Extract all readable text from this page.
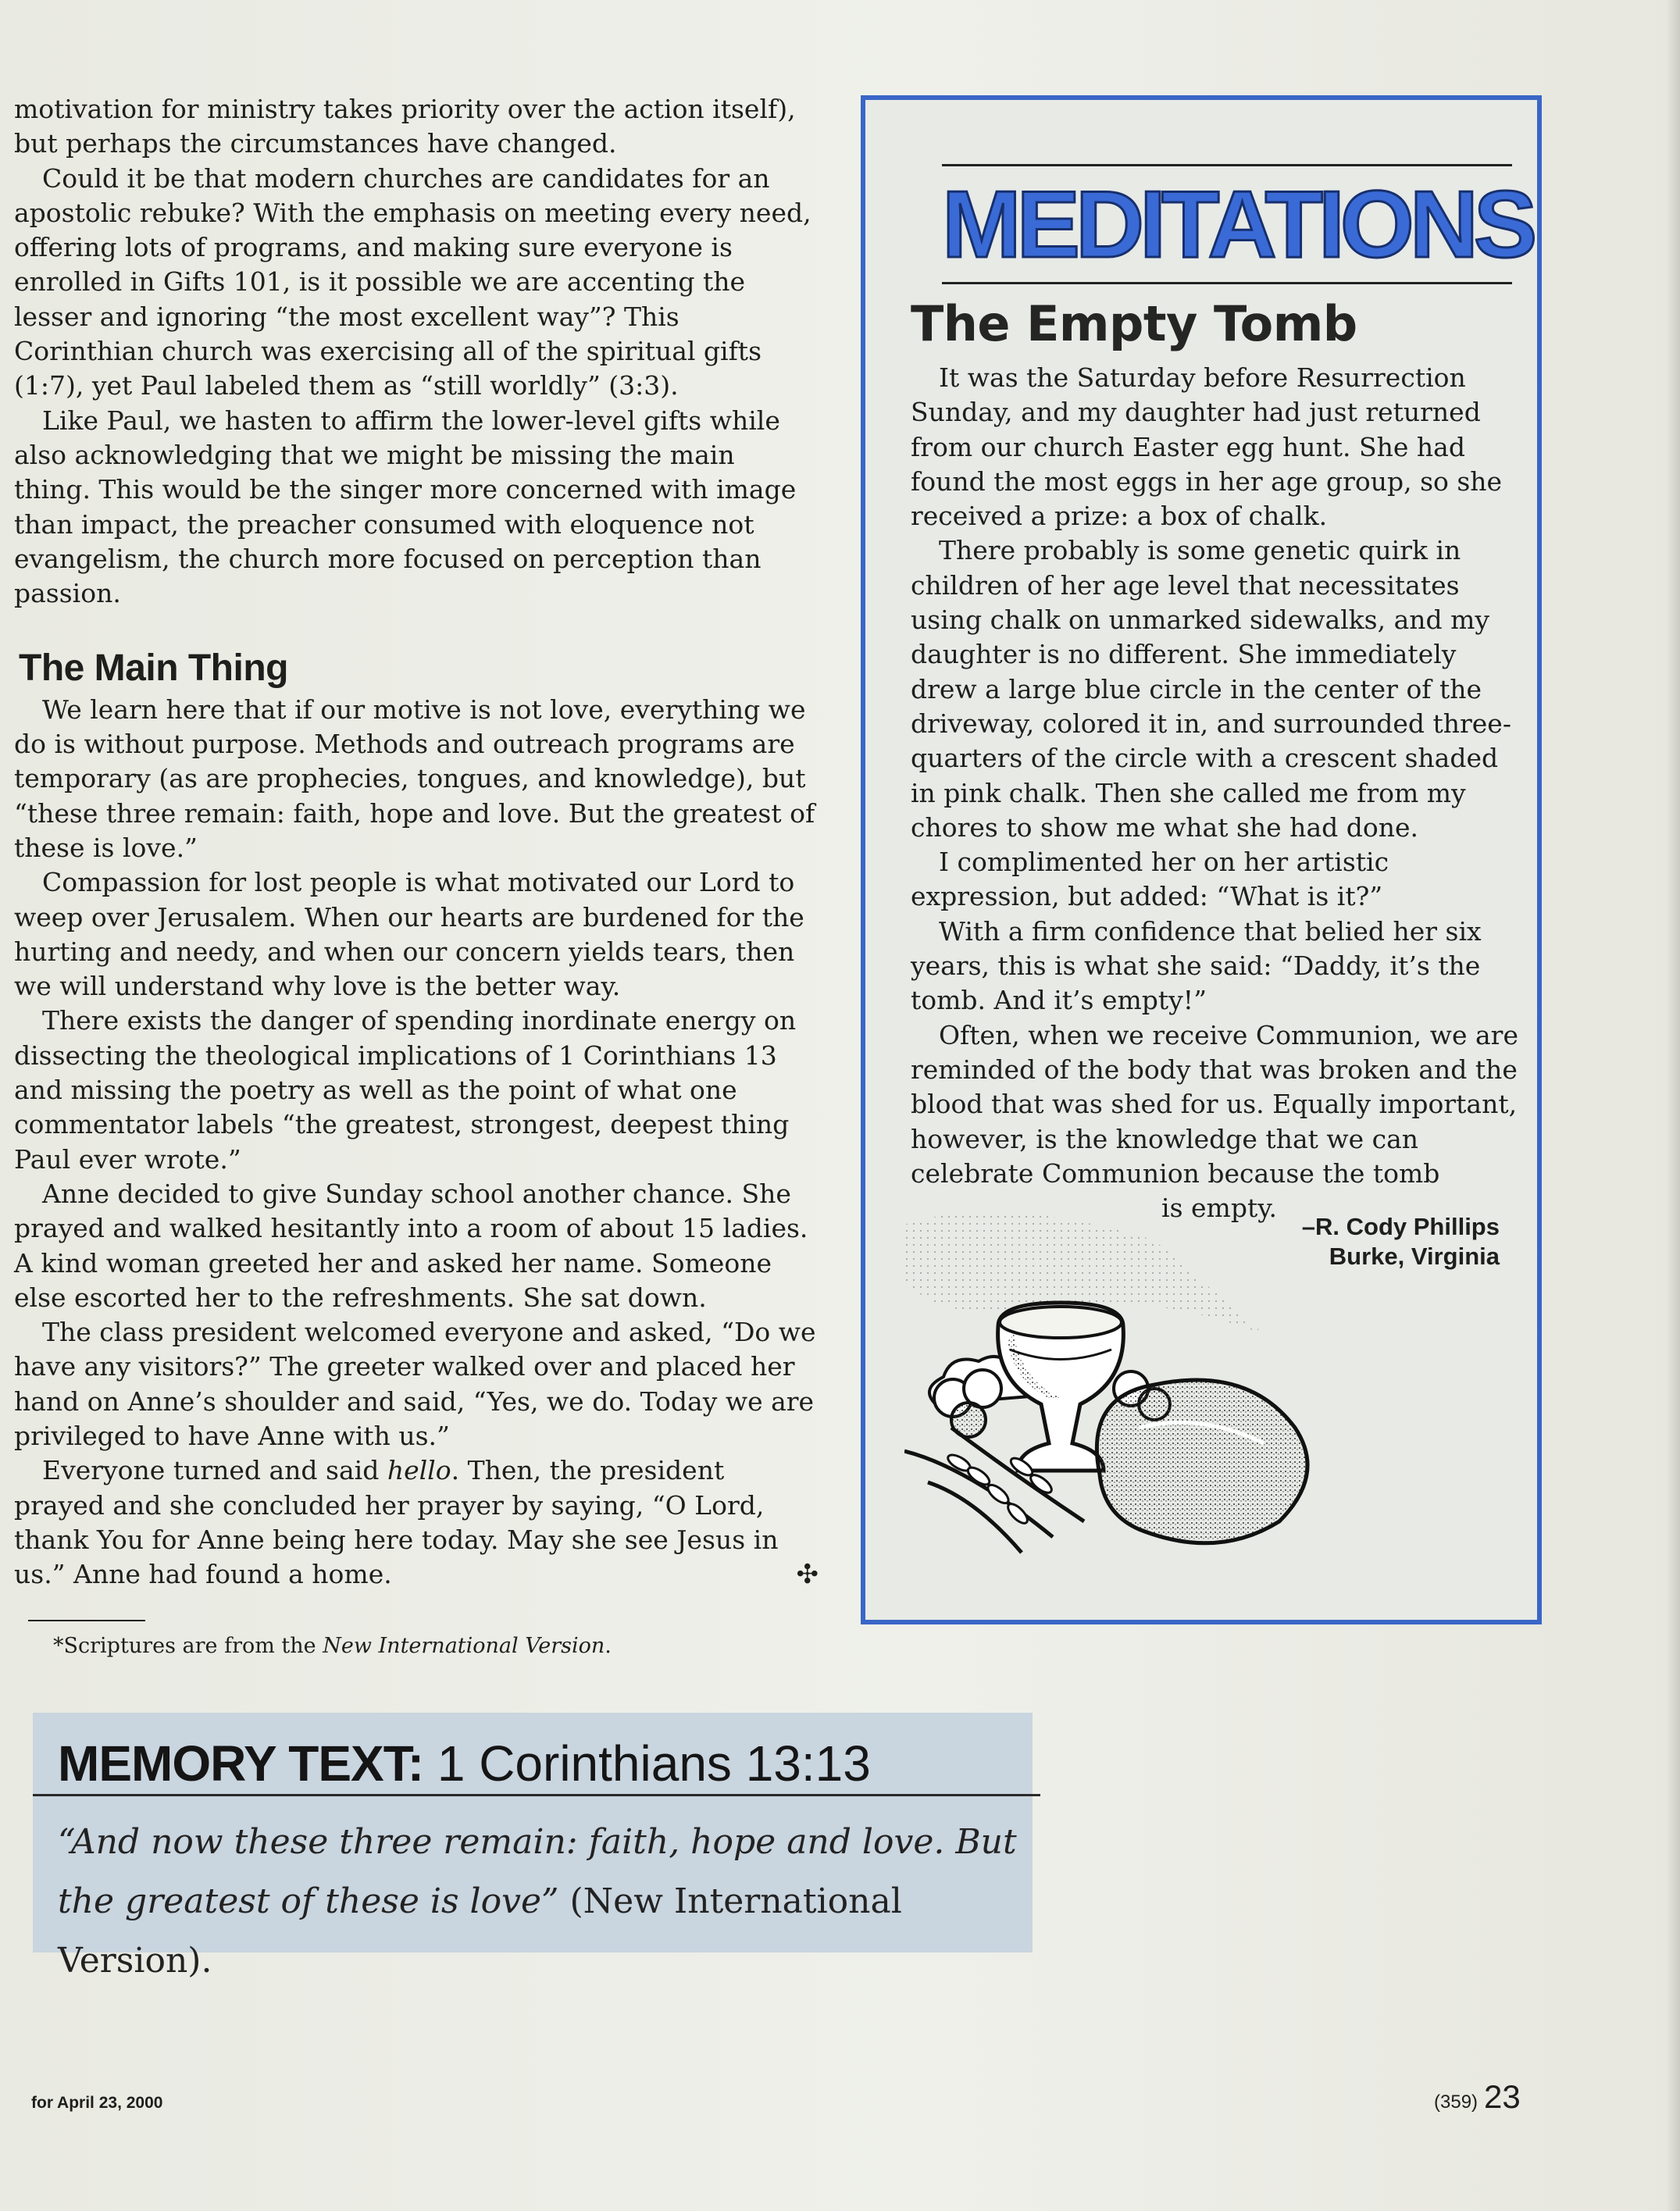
motivation for ministry takes priority over the action itself), but perhaps the circumstances have changed.

Could it be that modern churches are candidates for an apostolic rebuke? With the emphasis on meeting every need, offering lots of programs, and making sure everyone is enrolled in Gifts 101, is it possible we are accenting the lesser and ignoring “the most excellent way”? This Corinthian church was exercising all of the spiritual gifts (1:7), yet Paul labeled them as “still worldly” (3:3).

Like Paul, we hasten to affirm the lower-level gifts while also acknowledging that we might be missing the main thing. This would be the singer more concerned with image than impact, the preacher consumed with eloquence not evangelism, the church more focused on perception than passion.

The Main Thing

We learn here that if our motive is not love, everything we do is without purpose. Methods and outreach programs are temporary (as are prophecies, tongues, and knowledge), but “these three remain: faith, hope and love. But the greatest of these is love.”

Compassion for lost people is what motivated our Lord to weep over Jerusalem. When our hearts are burdened for the hurting and needy, and when our concern yields tears, then we will understand why love is the better way.

There exists the danger of spending inordinate energy on dissecting the theological implications of 1 Corinthians 13 and missing the poetry as well as the point of what one commentator labels “the greatest, strongest, deepest thing Paul ever wrote.”

Anne decided to give Sunday school another chance. She prayed and walked hesitantly into a room of about 15 ladies. A kind woman greeted her and asked her name. Someone else escorted her to the refreshments. She sat down.

The class president welcomed everyone and asked, “Do we have any visitors?” The greeter walked over and placed her hand on Anne’s shoulder and said, “Yes, we do. Today we are privileged to have Anne with us.”

Everyone turned and said hello. Then, the president prayed and she concluded her prayer by saying, “O Lord, thank You for Anne being here today. May she see Jesus in us.” Anne had found a home.	✣

*Scriptures are from the New International Version.
MEDITATIONS
The Empty Tomb

It was the Saturday before Resurrection Sunday, and my daughter had just returned from our church Easter egg hunt. She had found the most eggs in her age group, so she received a prize: a box of chalk.

There probably is some genetic quirk in children of her age level that necessitates using chalk on unmarked sidewalks, and my daughter is no different. She immediately drew a large blue circle in the center of the driveway, colored it in, and surrounded three-quarters of the circle with a crescent shaded in pink chalk. Then she called me from my chores to show me what she had done.

I complimented her on her artistic expression, but added: “What is it?”

With a firm confidence that belied her six years, this is what she said: “Daddy, it’s the tomb. And it’s empty!”

Often, when we receive Communion, we are reminded of the body that was broken and the blood that was shed for us. Equally important, however, is the knowledge that we can celebrate Communion because the tomb

is empty.

–R. Cody Phillips
Burke, Virginia
MEMORY TEXT: 1 Corinthians 13:13
“And now these three remain: faith, hope and love. But the greatest of these is love” (New International Version).
for April 23, 2000	(359) 23
